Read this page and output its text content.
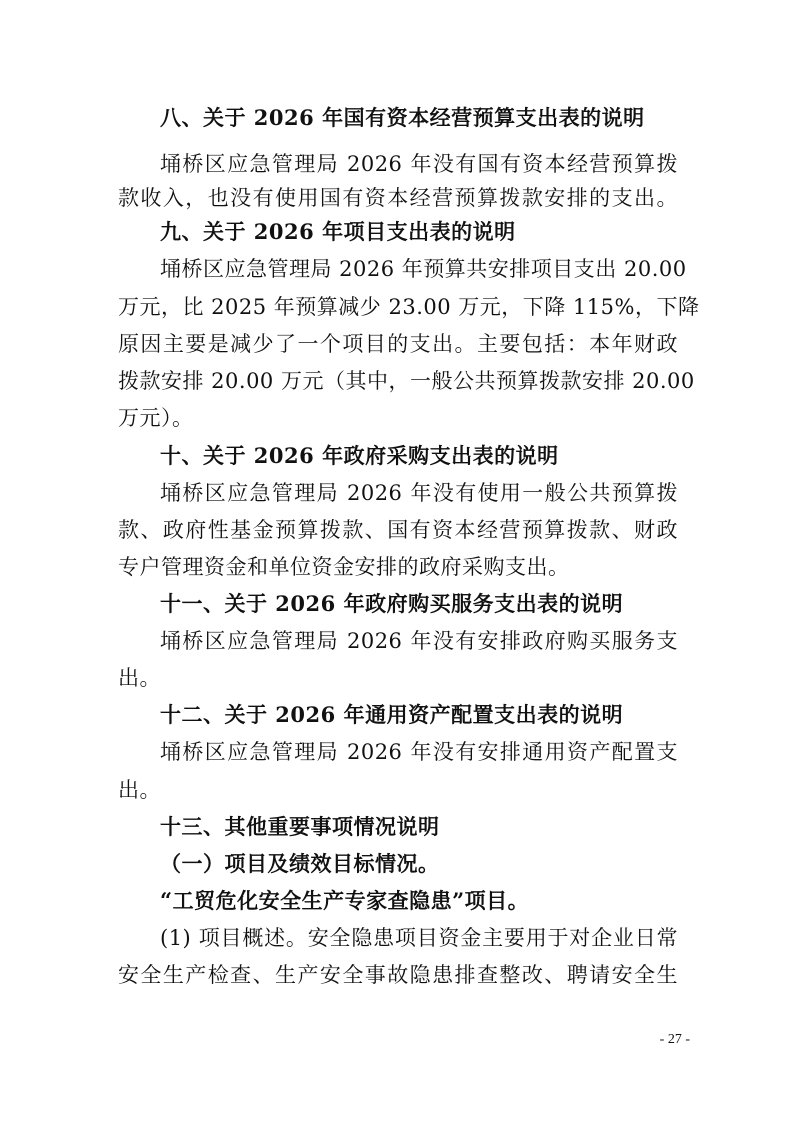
八、关于 2026 年国有资本经营预算支出表的说明
埇桥区应急管理局 2026 年没有国有资本经营预算拨
款收入，也没有使用国有资本经营预算拨款安排的支出。
九、关于 2026 年项目支出表的说明
埇桥区应急管理局 2026 年预算共安排项目支出 20.00
万元，比 2025 年预算减少 23.00 万元，下降 115%，下降
原因主要是减少了一个项目的支出。主要包括：本年财政
拨款安排 20.00 万元（其中，一般公共预算拨款安排 20.00
万元）。
十、关于 2026 年政府采购支出表的说明
埇桥区应急管理局 2026 年没有使用一般公共预算拨
款、政府性基金预算拨款、国有资本经营预算拨款、财政
专户管理资金和单位资金安排的政府采购支出。
十一、关于 2026 年政府购买服务支出表的说明
埇桥区应急管理局 2026 年没有安排政府购买服务支
出。
十二、关于 2026 年通用资产配置支出表的说明
埇桥区应急管理局 2026 年没有安排通用资产配置支
出。
十三、其他重要事项情况说明
（一）项目及绩效目标情况。
“工贸危化安全生产专家查隐患”项目。
(1) 项目概述。安全隐患项目资金主要用于对企业日常
安全生产检查、生产安全事故隐患排查整改、聘请安全生
- 27 -
